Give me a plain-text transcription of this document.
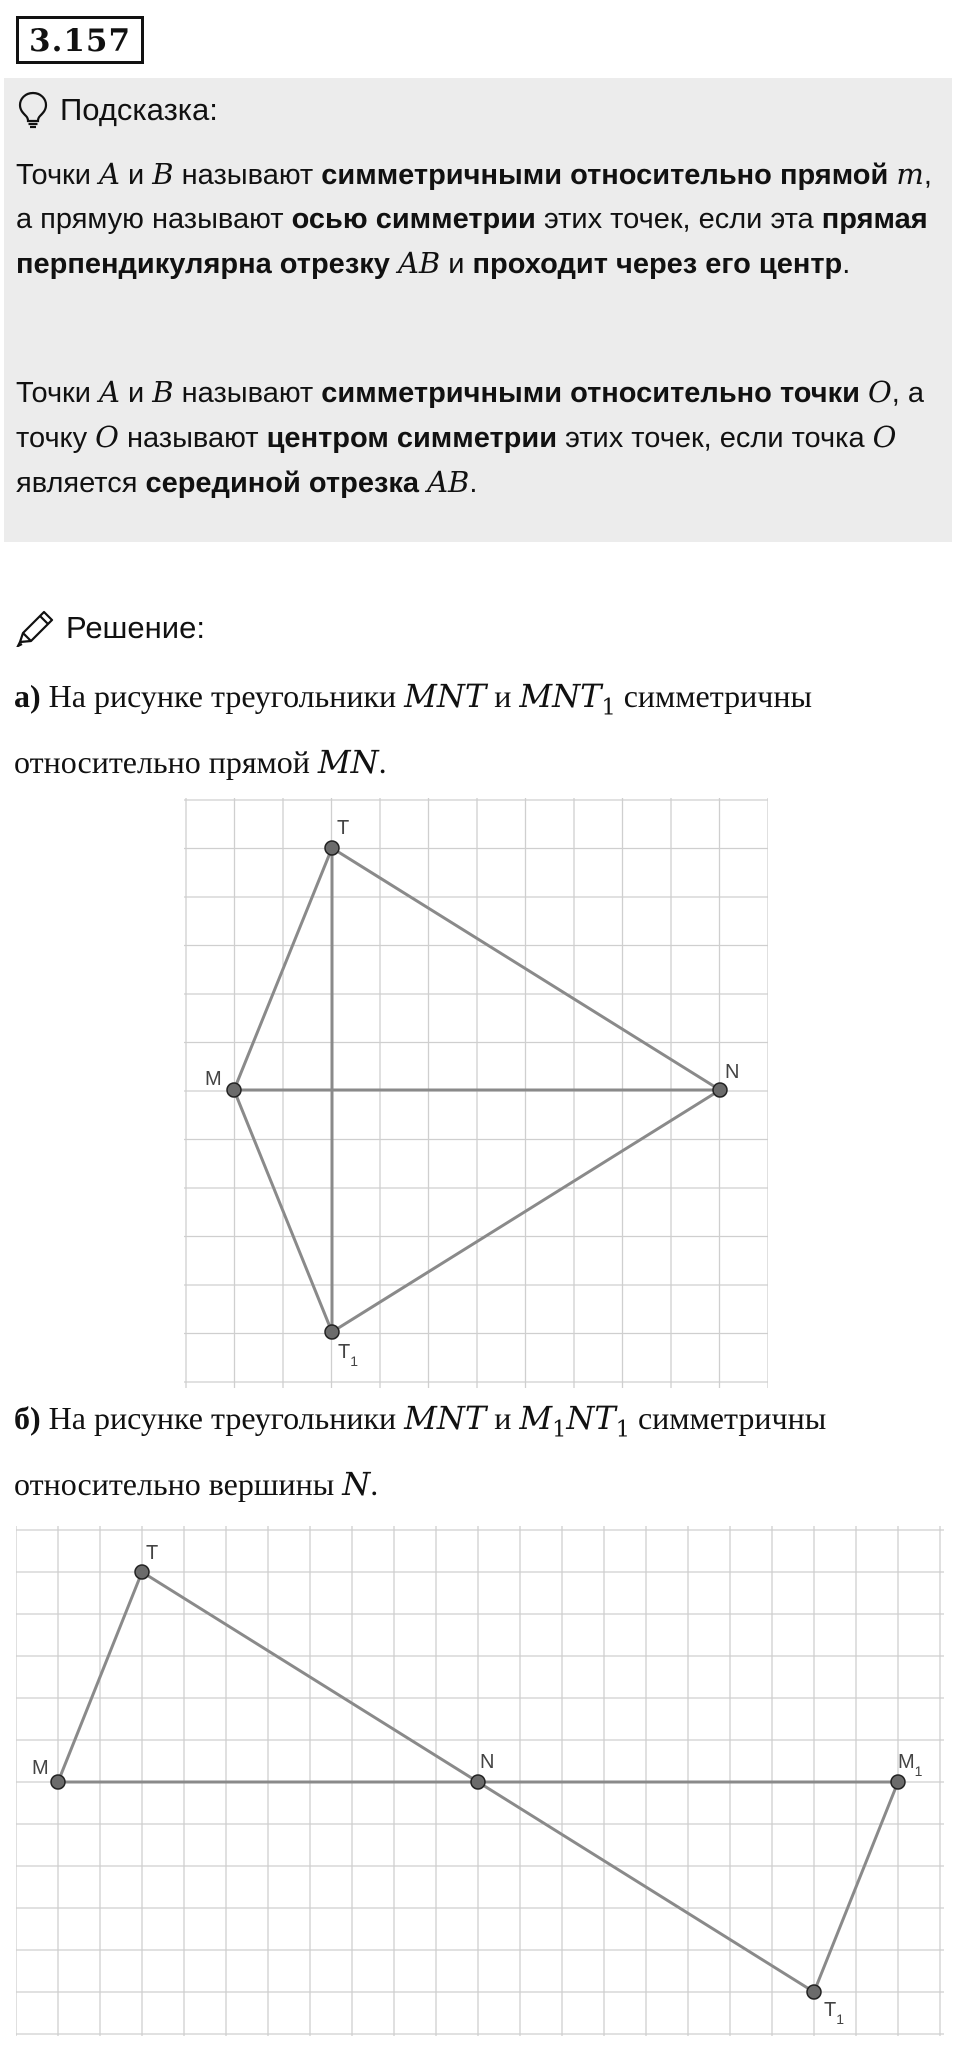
3.157
Подсказка:

Точки A и B называют симметричными относительно прямой m, а прямую называют осью симметрии этих точек, если эта прямая перпендикулярна отрезку AB и проходит через его центр.

Точки A и B называют симметричными относительно точки O, а точку O называют центром симметрии этих точек, если точка O является серединой отрезка AB.

Решение:

а) На рисунке треугольники MNT и $MNT_1$ симметричны

относительно прямой MN.

T
M	N
$T_1$

б) На рисунке треугольники MNT и $M_1NT_1$ симметричны

относительно вершины N.

T
M	N	$M_1$
$T_1$
